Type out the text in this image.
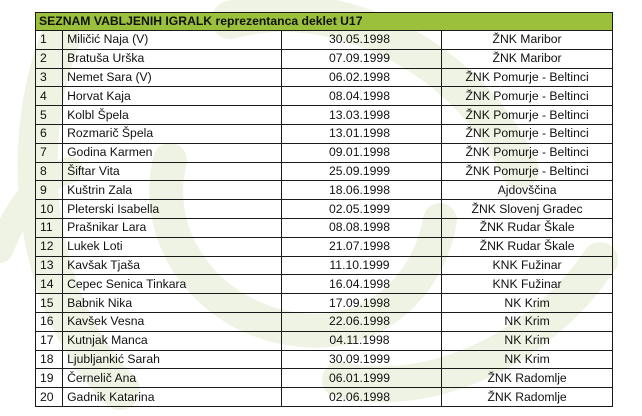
SEZNAM VABLJENIH IGRALK reprezentanca deklet U17			
1	Miličić Naja (V)	30.05.1998	ŽNK Maribor
2	Bratuša Urška	07.09.1999	ŽNK Maribor
3	Nemet Sara (V)	06.02.1998	ŽNK Pomurje - Beltinci
4	Horvat Kaja	08.04.1998	ŽNK Pomurje - Beltinci
5	Kolbl Špela	13.03.1998	ŽNK Pomurje - Beltinci
6	Rozmarič Špela	13.01.1998	ŽNK Pomurje - Beltinci
7	Godina Karmen	09.01.1998	ŽNK Pomurje - Beltinci
8	Šiftar Vita	25.09.1999	ŽNK Pomurje - Beltinci
9	Kuštrin Zala	18.06.1998	Ajdovščina
10	Pleterski Isabella	02.05.1999	ŽNK Slovenj Gradec
11	Prašnikar Lara	08.08.1998	ŽNK Rudar Škale
12	Lukek Loti	21.07.1998	ŽNK Rudar Škale
13	Kavšak Tjaša	11.10.1999	KNK Fužinar
14	Cepec Senica Tinkara	16.04.1998	KNK Fužinar
15	Babnik Nika	17.09.1998	NK Krim
16	Kavšek Vesna	22.06.1998	NK Krim
17	Kutnjak Manca	04.11.1998	NK Krim
18	Ljubljankić Sarah	30.09.1999	NK Krim
19	Černelič Ana	06.01.1999	ŽNK Radomlje
20	Gadnik Katarina	02.06.1998	ŽNK Radomlje
